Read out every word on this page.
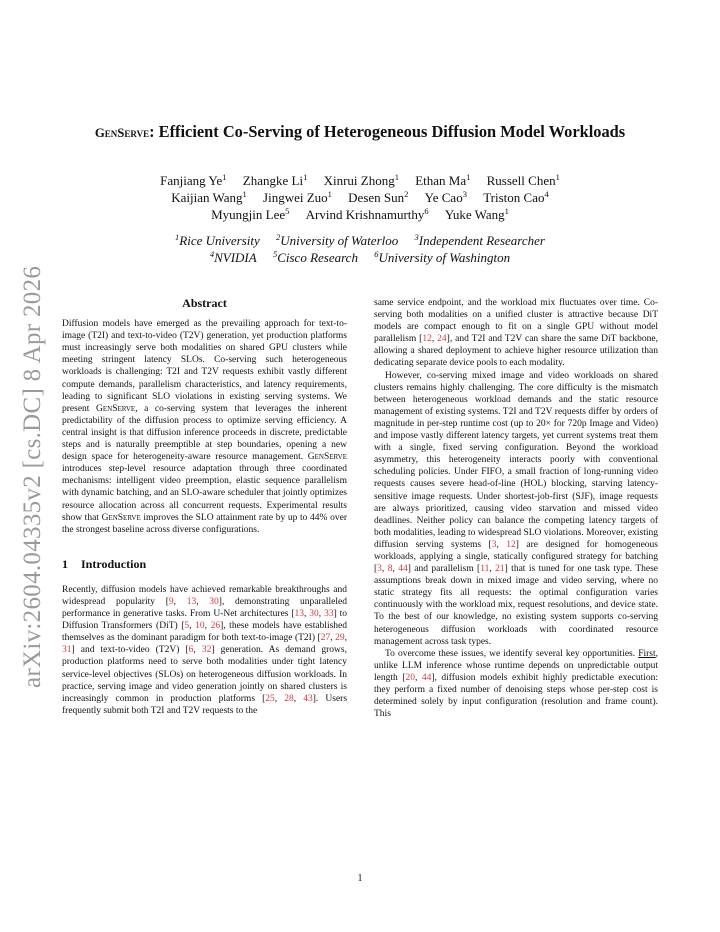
arXiv:2604.04335v2 [cs.DC] 8 Apr 2026
GenServe: Efficient Co-Serving of Heterogeneous Diffusion Model Workloads
Fanjiang Ye$^1$  Zhangke Li$^1$  Xinrui Zhong$^1$  Ethan Ma$^1$  Russell Chen$^1$
Kaijian Wang$^1$  Jingwei Zuo$^1$  Desen Sun$^2$  Ye Cao$^3$  Triston Cao$^4$
Myungjin Lee$^5$  Arvind Krishnamurthy$^6$  Yuke Wang$^1$
$^1$Rice University  $^2$University of Waterloo  $^3$Independent Researcher
$^4$NVIDIA  $^5$Cisco Research  $^6$University of Washington
Abstract

Diffusion models have emerged as the prevailing approach for text-to-image (T2I) and text-to-video (T2V) generation, yet production platforms must increasingly serve both modalities on shared GPU clusters while meeting stringent latency SLOs. Co-serving such heterogeneous workloads is challenging: T2I and T2V requests exhibit vastly different compute demands, parallelism characteristics, and latency requirements, leading to significant SLO violations in existing serving systems. We present GenServe, a co-serving system that leverages the inherent predictability of the diffusion process to optimize serving efficiency. A central insight is that diffusion inference proceeds in discrete, predictable steps and is naturally preemptible at step boundaries, opening a new design space for heterogeneity-aware resource management. GenServe introduces step-level resource adaptation through three coordinated mechanisms: intelligent video preemption, elastic sequence parallelism with dynamic batching, and an SLO-aware scheduler that jointly optimizes resource allocation across all concurrent requests. Experimental results show that GenServe improves the SLO attainment rate by up to 44% over the strongest baseline across diverse configurations.

1 Introduction

Recently, diffusion models have achieved remarkable breakthroughs and widespread popularity [9, 13, 30], demonstrating unparalleled performance in generative tasks. From U-Net architectures [13, 30, 33] to Diffusion Transformers (DiT) [5, 10, 26], these models have established themselves as the dominant paradigm for both text-to-image (T2I) [27, 29, 31] and text-to-video (T2V) [6, 32] generation. As demand grows, production platforms need to serve both modalities under tight latency service-level objectives (SLOs) on heterogeneous diffusion workloads. In practice, serving image and video generation jointly on shared clusters is increasingly common in production platforms [25, 28, 43]. Users frequently submit both T2I and T2V requests to the

same service endpoint, and the workload mix fluctuates over time. Co-serving both modalities on a unified cluster is attractive because DiT models are compact enough to fit on a single GPU without model parallelism [12, 24], and T2I and T2V can share the same DiT backbone, allowing a shared deployment to achieve higher resource utilization than dedicating separate device pools to each modality.

However, co-serving mixed image and video workloads on shared clusters remains highly challenging. The core difficulty is the mismatch between heterogeneous workload demands and the static resource management of existing systems. T2I and T2V requests differ by orders of magnitude in per-step runtime cost (up to 20× for 720p Image and Video) and impose vastly different latency targets, yet current systems treat them with a single, fixed serving configuration. Beyond the workload asymmetry, this heterogeneity interacts poorly with conventional scheduling policies. Under FIFO, a small fraction of long-running video requests causes severe head-of-line (HOL) blocking, starving latency-sensitive image requests. Under shortest-job-first (SJF), image requests are always prioritized, causing video starvation and missed video deadlines. Neither policy can balance the competing latency targets of both modalities, leading to widespread SLO violations. Moreover, existing diffusion serving systems [3, 12] are designed for homogeneous workloads, applying a single, statically configured strategy for batching [3, 8, 44] and parallelism [11, 21] that is tuned for one task type. These assumptions break down in mixed image and video serving, where no static strategy fits all requests: the optimal configuration varies continuously with the workload mix, request resolutions, and device state. To the best of our knowledge, no existing system supports co-serving heterogeneous diffusion workloads with coordinated resource management across task types.

To overcome these issues, we identify several key opportunities. First, unlike LLM inference whose runtime depends on unpredictable output length [20, 44], diffusion models exhibit highly predictable execution: they perform a fixed number of denoising steps whose per-step cost is determined solely by input configuration (resolution and frame count). This

1
